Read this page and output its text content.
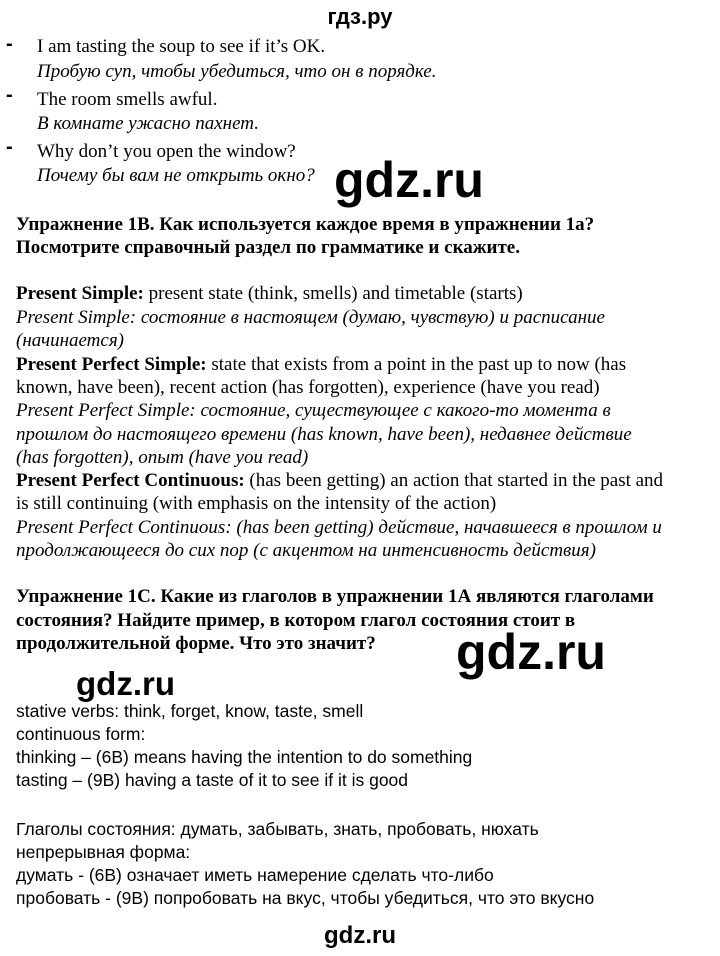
гдз.ру
- I am tasting the soup to see if it’s OK.
Пробую суп, чтобы убедиться, что он в порядке.
- The room smells awful.
В комнате ужасно пахнет.
- Why don’t you open the window?
Почему бы вам не открыть окно? gdz.ru
Упражнение 1B. Как используется каждое время в упражнении 1а?
Посмотрите справочный раздел по грамматике и скажите.
Present Simple: present state (think, smells) and timetable (starts)
Present Simple: состояние в настоящем (думаю, чувствую) и расписание
(начинается)
Present Perfect Simple: state that exists from a point in the past up to now (has
known, have been), recent action (has forgotten), experience (have you read)
Present Perfect Simple: состояние, существующее с какого-то момента в
прошлом до настоящего времени (has known, have been), недавнее действие
(has forgotten), опыт (have you read)
Present Perfect Continuous: (has been getting) an action that started in the past and
is still continuing (with emphasis on the intensity of the action)
Present Perfect Continuous: (has been getting) действие, начавшееся в прошлом и
продолжающееся до сих пор (с акцентом на интенсивность действия)
Упражнение 1С. Какие из глаголов в упражнении 1А являются глаголами
состояния? Найдите пример, в котором глагол состояния стоит в
продолжительной форме. Что это значит? gdz.ru
gdz.ru
stative verbs: think, forget, know, taste, smell
continuous form:
thinking – (6B) means having the intention to do something
tasting – (9B) having a taste of it to see if it is good
Глаголы состояния: думать, забывать, знать, пробовать, нюхать
непрерывная форма:
думать - (6B) означает иметь намерение сделать что-либо
пробовать - (9B) попробовать на вкус, чтобы убедиться, что это вкусно
gdz.ru
